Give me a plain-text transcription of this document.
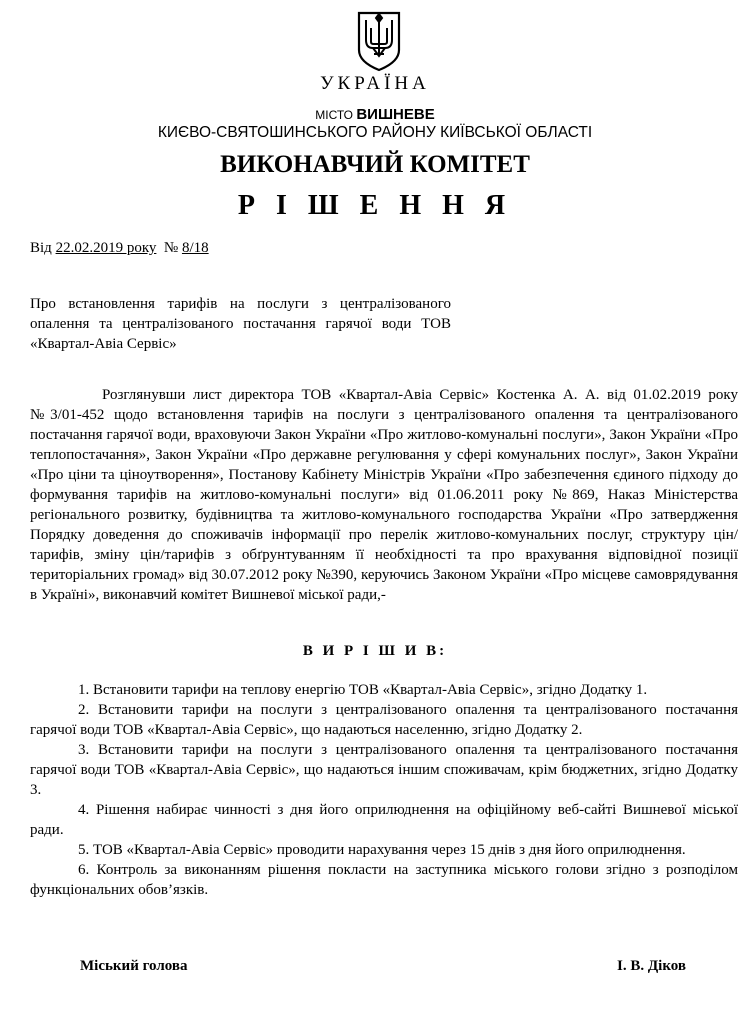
УКРАЇНА
МІСТО ВИШНЕВЕ
КИЄВО-СВЯТОШИНСЬКОГО РАЙОНУ КИЇВСЬКОЇ ОБЛАСТІ
ВИКОНАВЧИЙ КОМІТЕТ
Р І Ш Е Н Н Я
Від 22.02.2019 року № 8/18
Про встановлення тарифів на послуги з централізованого опалення та централізованого постачання гарячої води ТОВ «Квартал-Авіа Сервіс»
Розглянувши лист директора ТОВ «Квартал-Авіа Сервіс» Костенка А. А. від 01.02.2019 року №3/01-452 щодо встановлення тарифів на послуги з централізованого опалення та централізованого постачання гарячої води, враховуючи Закон України «Про житлово-комунальні послуги», Закон України «Про теплопостачання», Закон України «Про державне регулювання у сфері комунальних послуг», Закон України «Про ціни та ціноутворення», Постанову Кабінету Міністрів України «Про забезпечення єдиного підходу до формування тарифів на житлово-комунальні послуги» від 01.06.2011 року №869, Наказ Міністерства регіонального розвитку, будівництва та житлово-комунального господарства України «Про затвердження Порядку доведення до споживачів інформації про перелік житлово-комунальних послуг, структуру цін/тарифів, зміну цін/тарифів з обґрунтуванням її необхідності та про врахування відповідної позиції територіальних громад» від 30.07.2012 року №390, керуючись Законом України «Про місцеве самоврядування в Україні», виконавчий комітет Вишневої міської ради,-
В И Р І Ш И В:

1. Встановити тарифи на теплову енергію ТОВ «Квартал-Авіа Сервіс», згідно Додатку 1.

2. Встановити тарифи на послуги з централізованого опалення та централізованого постачання гарячої води ТОВ «Квартал-Авіа Сервіс», що надаються населенню, згідно Додатку 2.

3. Встановити тарифи на послуги з централізованого опалення та централізованого постачання гарячої води ТОВ «Квартал-Авіа Сервіс», що надаються іншим споживачам, крім бюджетних, згідно Додатку 3.

4. Рішення набирає чинності з дня його оприлюднення на офіційному веб-сайті Вишневої міської ради.

5. ТОВ «Квартал-Авіа Сервіс» проводити нарахування через 15 днів з дня його оприлюднення.

6. Контроль за виконанням рішення покласти на заступника міського голови згідно з розподілом функціональних обов’язків.

Міський голова	І. В. Діков
